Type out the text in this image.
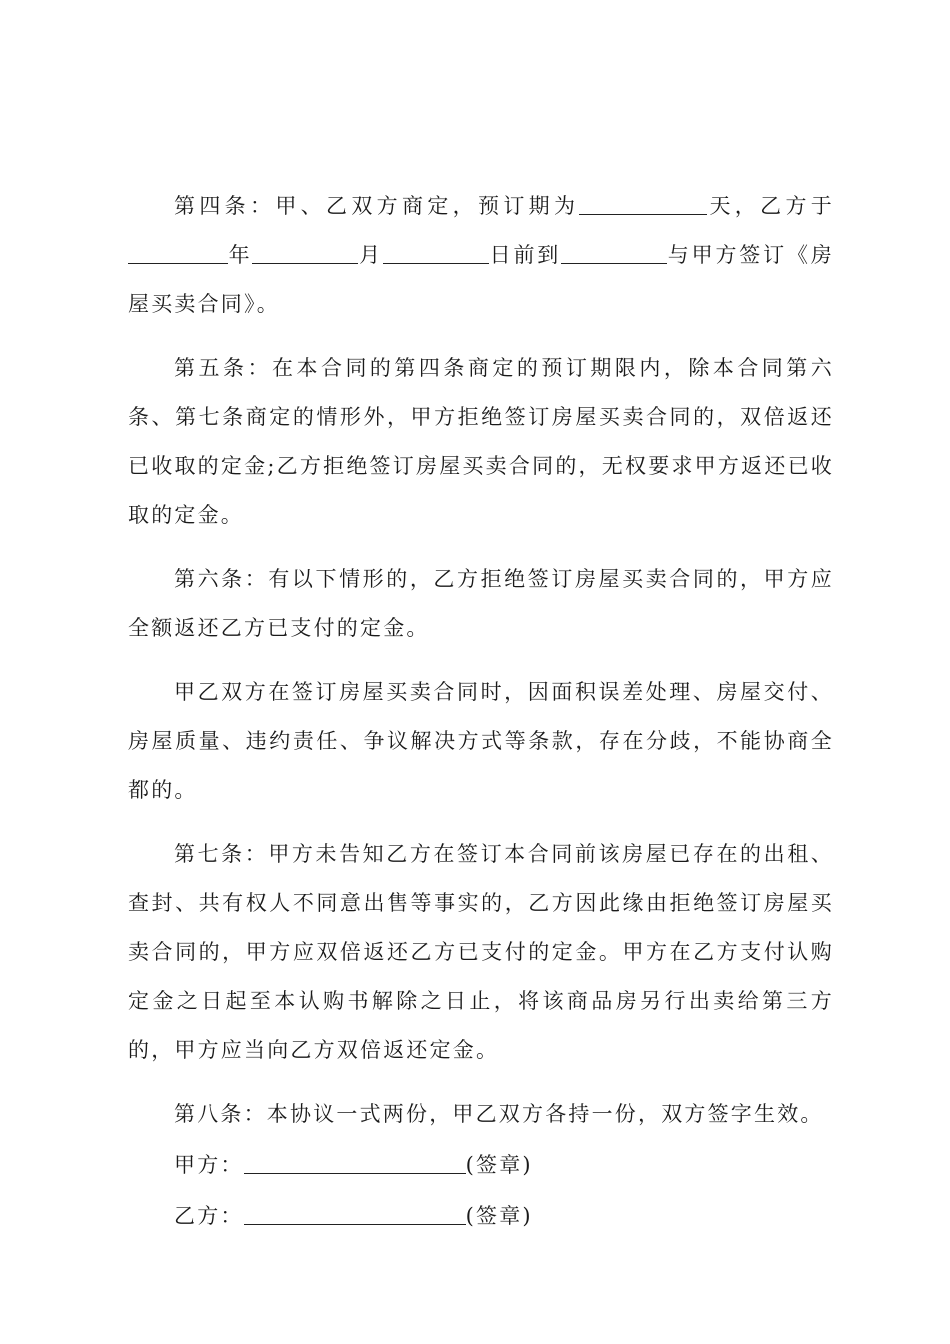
第四条：甲、乙双方商定，预订期为	天，乙方于年	月	日前到	与甲方签订《房屋买卖合同》。

第五条：在本合同的第四条商定的预订期限内，除本合同第六条、第七条商定的情形外，甲方拒绝签订房屋买卖合同的，双倍返还已收取的定金;乙方拒绝签订房屋买卖合同的，无权要求甲方返还已收取的定金。

第六条：有以下情形的，乙方拒绝签订房屋买卖合同的，甲方应全额返还乙方已支付的定金。

甲乙双方在签订房屋买卖合同时，因面积误差处理、房屋交付、房屋质量、违约责任、争议解决方式等条款，存在分歧，不能协商全都的。

第七条：甲方未告知乙方在签订本合同前该房屋已存在的出租、查封、共有权人不同意出售等事实的，乙方因此缘由拒绝签订房屋买卖合同的，甲方应双倍返还乙方已支付的定金。甲方在乙方支付认购定金之日起至本认购书解除之日止，将该商品房另行出卖给第三方的，甲方应当向乙方双倍返还定金。

第八条：本协议一式两份，甲乙双方各持一份，双方签字生效。

甲方：	(签章)

乙方：	(签章)
